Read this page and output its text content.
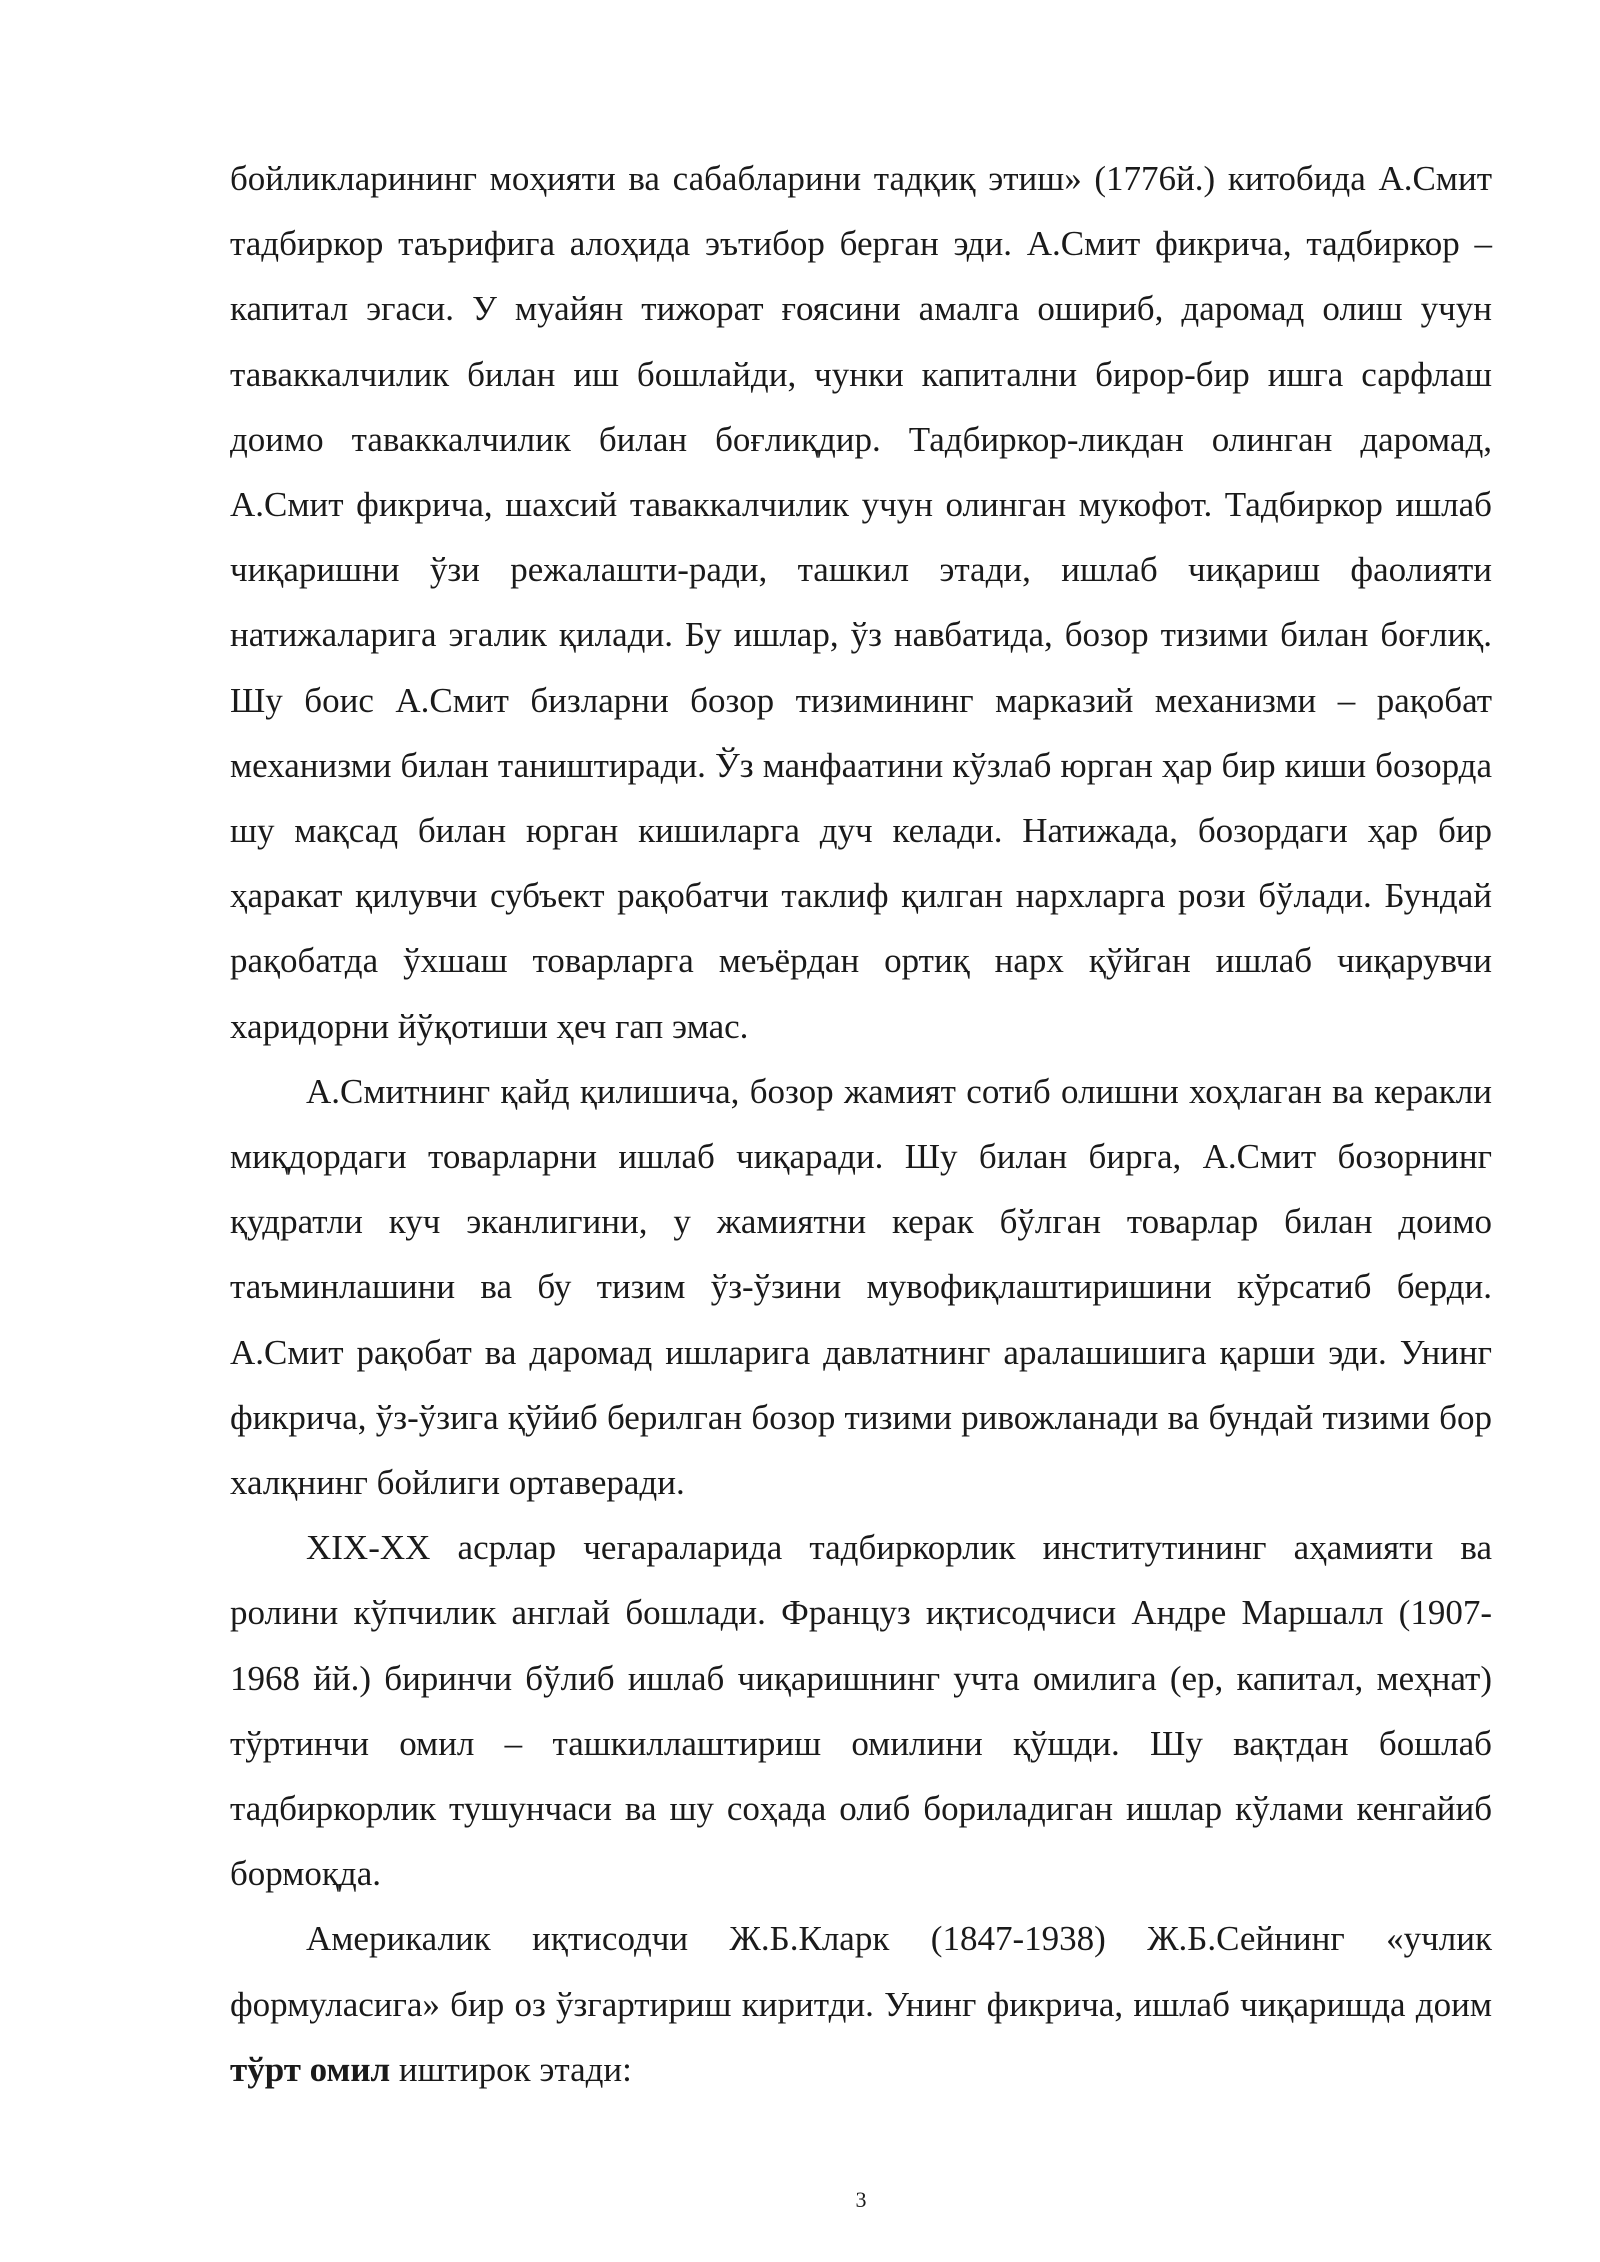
бойликларининг моҳияти ва сабабларини тадқиқ этиш» (1776й.) китобида А.Смит тадбиркор таърифига алоҳида эътибор берган эди. А.Смит фикрича, тадбиркор – капитал эгаси. У муайян тижорат ғоясини амалга ошириб, даромад олиш учун таваккалчилик билан иш бошлайди, чунки капитални бирор-бир ишга сарфлаш доимо таваккалчилик билан боғлиқдир. Тадбиркор-ликдан олинган даромад, А.Смит фикрича, шахсий таваккалчилик учун олинган мукофот. Тадбиркор ишлаб чиқаришни ўзи режалашти-ради, ташкил этади, ишлаб чиқариш фаолияти натижаларига эгалик қилади. Бу ишлар, ўз навбатида, бозор тизими билан боғлиқ. Шу боис А.Смит бизларни бозор тизимининг марказий механизми – рақобат механизми билан таништиради. Ўз манфаатини кўзлаб юрган ҳар бир киши бозорда шу мақсад билан юрган кишиларга дуч келади. Натижада, бозордаги ҳар бир ҳаракат қилувчи субъект рақобатчи таклиф қилган нархларга рози бўлади. Бундай рақобатда ўхшаш товарларга меъёрдан ортиқ нарх қўйган ишлаб чиқарувчи харидорни йўқотиши ҳеч гап эмас.

А.Смитнинг қайд қилишича, бозор жамият сотиб олишни хоҳлаган ва керакли миқдордаги товарларни ишлаб чиқаради. Шу билан бирга, А.Смит бозорнинг қудратли куч эканлигини, у жамиятни керак бўлган товарлар билан доимо таъминлашини ва бу тизим ўз-ўзини мувофиқлаштиришини кўрсатиб берди. А.Смит рақобат ва даромад ишларига давлатнинг аралашишига қарши эди. Унинг фикрича, ўз-ўзига қўйиб берилган бозор тизими ривожланади ва бундай тизими бор халқнинг бойлиги ортаверади.

XIX-XX асрлар чегараларида тадбиркорлик институтининг аҳамияти ва ролини кўпчилик англай бошлади. Француз иқтисодчиси Андре Маршалл (1907-1968 йй.) биринчи бўлиб ишлаб чиқаришнинг учта омилига (ер, капитал, меҳнат) тўртинчи омил – ташкиллаштириш омилини қўшди. Шу вақтдан бошлаб тадбиркорлик тушунчаси ва шу соҳада олиб бориладиган ишлар кўлами кенгайиб бормоқда.

Америкалик иқтисодчи Ж.Б.Кларк (1847-1938) Ж.Б.Сейнинг «учлик формуласига» бир оз ўзгартириш киритди. Унинг фикрича, ишлаб чиқаришда доим тўрт омил иштирок этади:

3
